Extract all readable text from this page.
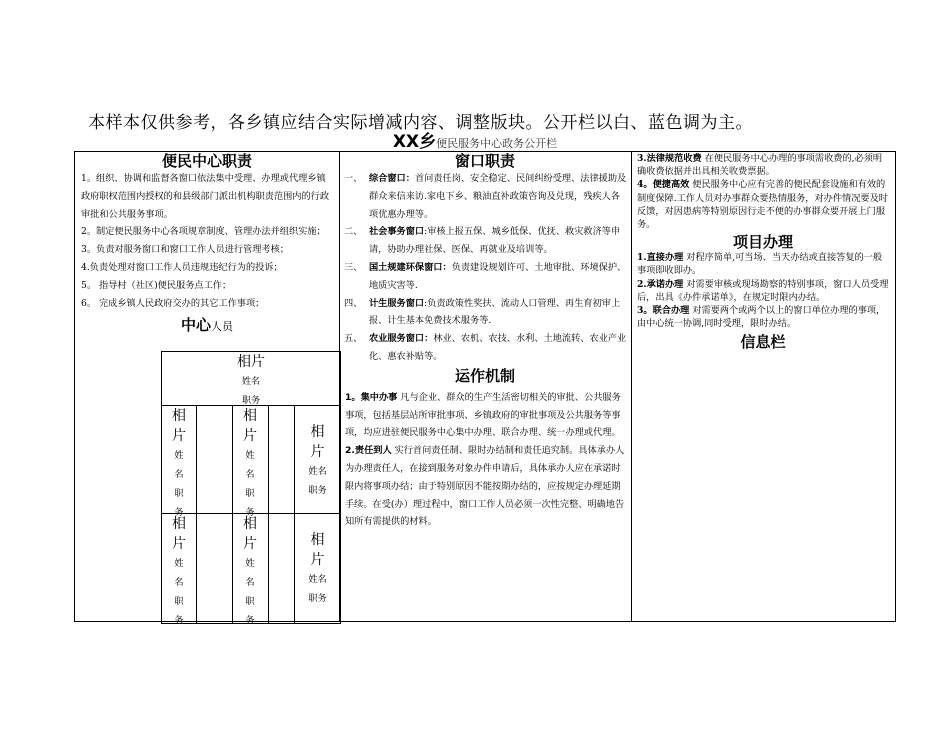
本样本仅供参考，各乡镇应结合实际增减内容、调整版块。公开栏以白、蓝色调为主。
XX乡便民服务中心政务公开栏
便民中心职责
1。组织、协调和监督各窗口依法集中受理、办理或代理乡镇政府职权范围内授权的和县级部门派出机构职责范围内的行政审批和公共服务事项。
2。制定便民服务中心各项规章制度、管理办法并组织实施；
3。负责对服务窗口和窗口工作人员进行管理考核；
4.负责处理对窗口工作人员违规违纪行为的投诉；
5。 指导村（社区)便民服务点工作；
6。 完成乡镇人民政府交办的其它工作事项；
中心人员
相片
姓名
职务
相
片
姓
名
职
务
相
片
姓
名
职
务
相
片
姓名
职务
相
片
姓
名
职
务
相
片
姓
名
职
务
相
片
姓名
职务
窗口职责
一、 综合窗口：首问责任岗、安全稳定、民间纠纷受理、法律援助及群众来信来访.家电下乡、粮油直补政策咨询及兑现，残疾人各项优惠办理等。
二、 社会事务窗口:审核上报五保、城乡低保、优抚、救灾救济等申请，协助办理社保、医保、再就业及培训等。
三、 国土规建环保窗口：负责建设规划许可、土地审批、环境保护、地质灾害等.
四、 计生服务窗口:负责政策性奖扶、流动人口管理、再生育初审上报、计生基本免费技术服务等.
五、 农业服务窗口：林业、农机、农技、水利、土地流转、农业产业化、惠农补贴等。
运作机制
1。集中办事 凡与企业、群众的生产生活密切相关的审批、公共服务事项，包括基层站所审批事项、乡镇政府的审批事项及公共服务等事项，均应进驻便民服务中心集中办理、联合办理、统一办理或代理。
2.责任到人 实行首问责任制、限时办结制和责任追究制。具体承办人为办理责任人，在接到服务对象办件申请后，具体承办人应在承诺时限内将事项办结；由于特别原因不能按期办结的，应按规定办理延期手续。在受(办）理过程中，窗口工作人员必须一次性完整、明确地告知所有需提供的材料。
3.法律规范收费 在便民服务中心办理的事项需收费的,必须明确收费依据并出具相关收费票据。
4。便捷高效 便民服务中心应有完善的便民配套设施和有效的制度保障.工作人员对办事群众要热情服务，对办件情况要及时反馈，对因患病等特别原因行走不便的办事群众要开展上门服务。
项目办理
1.直接办理 对程序简单,可当场、当天办结或直接答复的一般事项即收即办。
2.承诺办理 对需要审核或现场勘察的特别事项，窗口人员受理后，出具《办件承诺单》，在规定时限内办结。
3。联合办理 对需要两个或两个以上的窗口单位办理的事项，由中心统一协调,同时受理，限时办结。
信息栏
